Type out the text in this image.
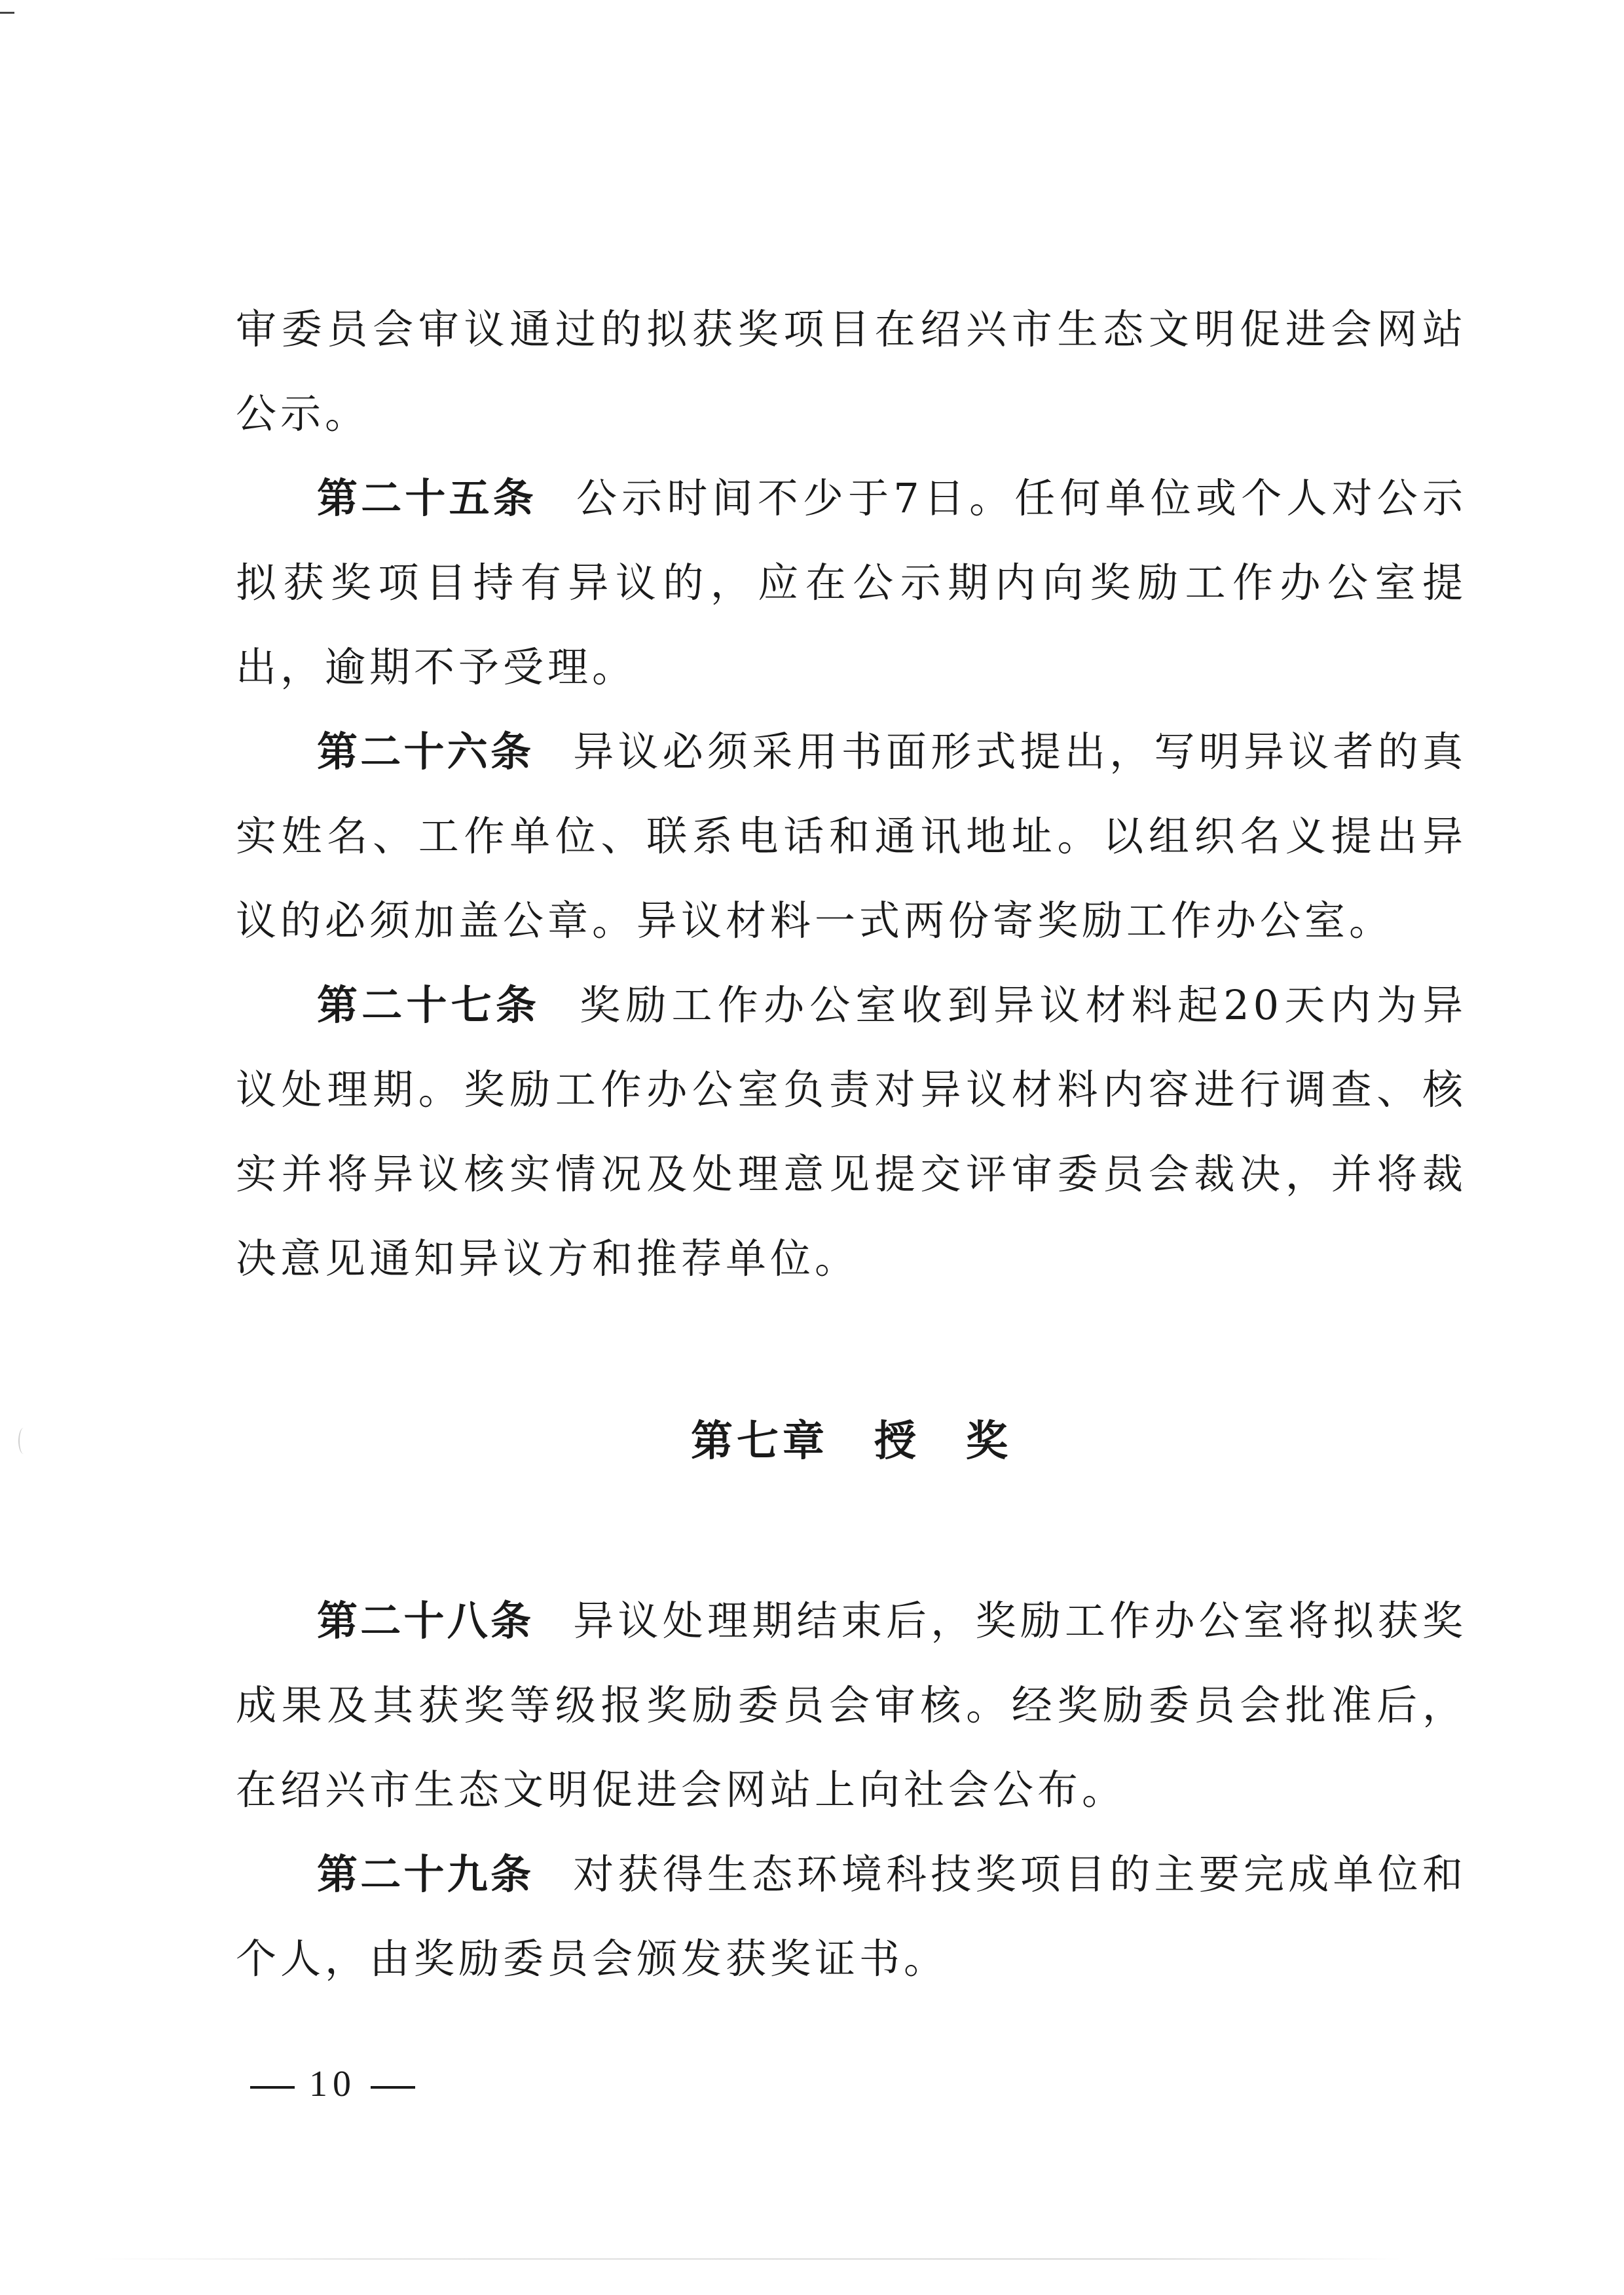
审委员会审议通过的拟获奖项目在绍兴市生态文明促进会网站公示。

第二十五条 公示时间不少于7日。任何单位或个人对公示拟获奖项目持有异议的，应在公示期内向奖励工作办公室提出，逾期不予受理。

第二十六条 异议必须采用书面形式提出，写明异议者的真实姓名、工作单位、联系电话和通讯地址。以组织名义提出异议的必须加盖公章。异议材料一式两份寄奖励工作办公室。

第二十七条 奖励工作办公室收到异议材料起20天内为异议处理期。奖励工作办公室负责对异议材料内容进行调查、核实并将异议核实情况及处理意见提交评审委员会裁决，并将裁决意见通知异议方和推荐单位。

第七章　授　奖

第二十八条 异议处理期结束后，奖励工作办公室将拟获奖成果及其获奖等级报奖励委员会审核。经奖励委员会批准后，在绍兴市生态文明促进会网站上向社会公布。

第二十九条 对获得生态环境科技奖项目的主要完成单位和个人，由奖励委员会颁发获奖证书。

10
